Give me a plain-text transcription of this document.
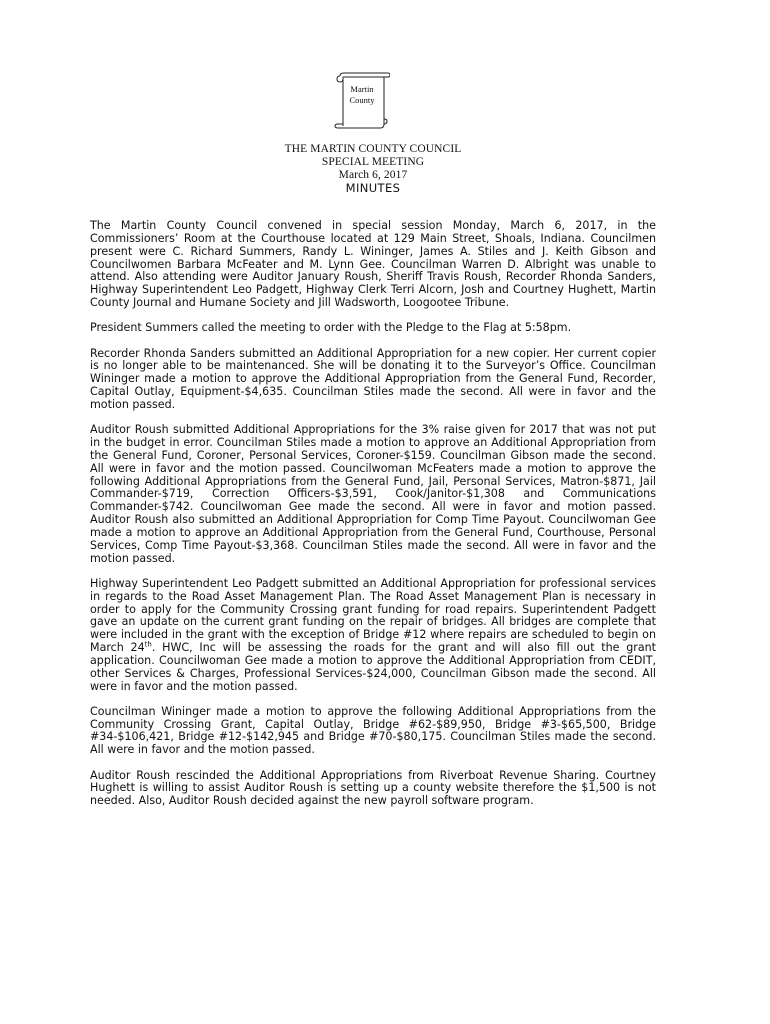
Martin
County
THE MARTIN COUNTY COUNCIL
SPECIAL MEETING
March 6, 2017
MINUTES

The Martin County Council convened in special session Monday, March 6, 2017, in the Commissioners’ Room at the Courthouse located at 129 Main Street, Shoals, Indiana. Councilmen present were C. Richard Summers, Randy L. Wininger, James A. Stiles and J. Keith Gibson and Councilwomen Barbara McFeater and M. Lynn Gee. Councilman Warren D. Albright was unable to attend. Also attending were Auditor January Roush, Sheriff Travis Roush, Recorder Rhonda Sanders, Highway Superintendent Leo Padgett, Highway Clerk Terri Alcorn, Josh and Courtney Hughett, Martin County Journal and Humane Society and Jill Wadsworth, Loogootee Tribune.

President Summers called the meeting to order with the Pledge to the Flag at 5:58pm.

Recorder Rhonda Sanders submitted an Additional Appropriation for a new copier. Her current copier is no longer able to be maintenanced. She will be donating it to the Surveyor’s Office. Councilman Wininger made a motion to approve the Additional Appropriation from the General Fund, Recorder, Capital Outlay, Equipment-$4,635. Councilman Stiles made the second. All were in favor and the motion passed.

Auditor Roush submitted Additional Appropriations for the 3% raise given for 2017 that was not put in the budget in error. Councilman Stiles made a motion to approve an Additional Appropriation from the General Fund, Coroner, Personal Services, Coroner-$159. Councilman Gibson made the second. All were in favor and the motion passed. Councilwoman McFeaters made a motion to approve the following Additional Appropriations from the General Fund, Jail, Personal Services, Matron-$871, Jail Commander-$719, Correction Officers-$3,591, Cook/Janitor-$1,308 and Communications Commander-$742. Councilwoman Gee made the second. All were in favor and motion passed. Auditor Roush also submitted an Additional Appropriation for Comp Time Payout. Councilwoman Gee made a motion to approve an Additional Appropriation from the General Fund, Courthouse, Personal Services, Comp Time Payout-$3,368. Councilman Stiles made the second. All were in favor and the motion passed.

Highway Superintendent Leo Padgett submitted an Additional Appropriation for professional services in regards to the Road Asset Management Plan. The Road Asset Management Plan is necessary in order to apply for the Community Crossing grant funding for road repairs. Superintendent Padgett gave an update on the current grant funding on the repair of bridges. All bridges are complete that were included in the grant with the exception of Bridge #12 where repairs are scheduled to begin on March 24th. HWC, Inc will be assessing the roads for the grant and will also fill out the grant application. Councilwoman Gee made a motion to approve the Additional Appropriation from CEDIT, other Services & Charges, Professional Services-$24,000, Councilman Gibson made the second. All were in favor and the motion passed.

Councilman Wininger made a motion to approve the following Additional Appropriations from the Community Crossing Grant, Capital Outlay, Bridge #62-$89,950, Bridge #3-$65,500, Bridge #34-$106,421, Bridge #12-$142,945 and Bridge #70-$80,175. Councilman Stiles made the second. All were in favor and the motion passed.

Auditor Roush rescinded the Additional Appropriations from Riverboat Revenue Sharing. Courtney Hughett is willing to assist Auditor Roush is setting up a county website therefore the $1,500 is not needed. Also, Auditor Roush decided against the new payroll software program.
